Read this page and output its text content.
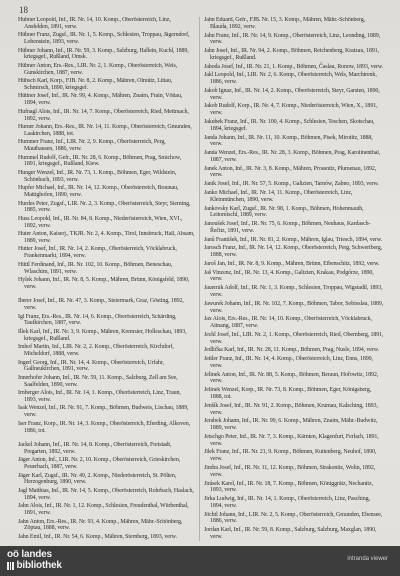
18
Hubner Leopold, Inf., IR. Nr. 14, 10. Komp., Oberösterreich, Linz, Ansfelden, 1891, verw.
Hübner Franz, Zugsf., IR. Nr. 1, 5. Komp., Schlesien, Troppau, Jägerndorf, Lobenstein, 1893, verw.
Hübner Johann, Inf., IR. Nr. 59, 3. Komp., Salzburg, Hallein, Kuchl, 1889, kriegsgef., Rußland, Omsk.
Hübner Anton, Ers.-Res., LIR. Nr. 2, 1. Komp., Oberösterreich, Wels, Gunskirchen, 1887, verw.
Hübsch Karl, Korp., FJB. Nr. 8, 2. Komp., Mähren, Olmütz, Littau, Schmirsch, 1890, kriegsgef.
Hüttner Josef, Inf., IR. Nr. 99, 4. Komp., Mähren, Znaim, Frain, Vöttau, 1894, verw.
Hufnagl Alois, Inf., IR. Nr. 14, 7. Komp., Oberösterreich, Ried, Mettmach, 1892, verw.
Humer Johann, Ers.-Res., IR. Nr. 14, 11. Komp., Oberösterreich, Gmunden, Laakirchen, 1888, tot.
Hummer Franz, Inf., LIR. Nr. 2, 9. Komp., Oberösterreich, Perg, Mauthausen, 1886, verw.
Hummel Rudolf, Gefr., IR. Nr. 28, 6. Komp., Böhmen, Prag, Smichow, 1891, kriegsgef., Rußland, Kiew.
Hunger Wenzel, Inf., IR. Nr. 73, 1. Komp., Böhmen, Eger, Wildstein, Schönbach, 1893, verw.
Hupfer Michael, Inf., IR. Nr. 14, 12. Komp., Oberösterreich, Braunau, Mattighofen, 1890, verw.
Hurdes Peter, Zugsf., LIR. Nr. 2, 3. Komp., Oberösterreich, Steyr, Sierning, 1885, verw.
Huss Leopold, Inf., IR. Nr. 84, 8. Komp., Niederösterreich, Wien, XVI., 1892, verw.
Huter Anton, Kaiserj., TKJR. Nr. 2, 4. Komp., Tirol, Innsbruck, Hall, Absam, 1889, verw.
Hutter Josef, Inf., IR. Nr. 14, 2. Komp., Oberösterreich, Vöcklabruck, Frankenmarkt, 1894, verw.
Hüttl Ferdinand, Inf., IR. Nr. 102, 10. Komp., Böhmen, Beneschau, Wlaschim, 1891, verw.
Hylek Johann, Inf., IR. Nr. 8, 5. Komp., Mähren, Brünn, Königsfeld, 1890, verw.
Iberer Josef, Inf., IR. Nr. 47, 3. Komp., Steiermark, Graz, Gösting, 1892, verw.
Igl Franz, Ers.-Res., IR. Nr. 14, 6. Komp., Oberösterreich, Schärding, Taufkirchen, 1887, verw.
Illek Karl, Inf., IR. Nr. 3, 9. Komp., Mähren, Kremsier, Holleschau, 1893, kriegsgef., Rußland.
Imhof Martin, Inf., LIR. Nr. 2, 2. Komp., Oberösterreich, Kirchdorf, Micheldorf, 1888, verw.
Ingerl Georg, Inf., IR. Nr. 14, 4. Komp., Oberösterreich, Urfahr, Gallneukirchen, 1891, verw.
Innerhofer Johann, Inf., IR. Nr. 59, 11. Komp., Salzburg, Zell am See, Saalfelden, 1890, verw.
Irnberger Alois, Inf., IR. Nr. 14, 1. Komp., Oberösterreich, Linz, Traun, 1893, verw.
Isak Wenzel, Inf., IR. Nr. 91, 7. Komp., Böhmen, Budweis, Lischau, 1889, verw.
Iser Franz, Korp., IR. Nr. 14, 3. Komp., Oberösterreich, Eferding, Alkoven, 1886, tot.
Jackel Johann, Inf., IR. Nr. 14, 8. Komp., Oberösterreich, Freistadt, Pregarten, 1892, verw.
Jäger Anton, Inf., LIR. Nr. 2, 10. Komp., Oberösterreich, Grieskirchen, Peuerbach, 1887, verw.
Jäger Karl, Zugsf., IR. Nr. 49, 2. Komp., Niederösterreich, St. Pölten, Herzogenburg, 1890, verw.
Jagl Matthias, Inf., IR. Nr. 14, 5. Komp., Oberösterreich, Rohrbach, Haslach, 1894, verw.
Jahn Alois, Inf., IR. Nr. 1, 12. Komp., Schlesien, Freudenthal, Würbenthal, 1891, verw.
Jahn Anton, Ers.-Res., IR. Nr. 93, 4. Komp., Mähren, Mähr.-Schönberg, Zöptau, 1888, verw.
Jahn Emil, Inf., IR. Nr. 54, 6. Komp., Mähren, Sternberg, 1893, verw.
Jahn Eduard, Gefr., FJB. Nr. 15, 3. Komp., Mähren, Mähr.-Schönberg, Blauda, 1892, verw.
Jahn Franz, Inf., IR. Nr. 14, 9. Komp., Oberösterreich, Linz, Leonding, 1889, verw.
Jahn Josef, Inf., IR. Nr. 94, 2. Komp., Böhmen, Reichenberg, Kratzau, 1891, kriegsgef., Rußland.
Jahoda Josef, Inf., IR. Nr. 21, 1. Komp., Böhmen, Časlau, Ronow, 1893, verw.
Jakl Leopold, Inf., LIR. Nr. 2, 6. Komp., Oberösterreich, Wels, Marchtrenk, 1886, verw.
Jakob Ignaz, Inf., IR. Nr. 14, 2. Komp., Oberösterreich, Steyr, Garsten, 1890, verw.
Jakob Rudolf, Korp., IR. Nr. 4, 7. Komp., Niederösterreich, Wien, X., 1891, verw.
Jakubek Franz, Inf., IR. Nr. 100, 4. Komp., Schlesien, Teschen, Skotschau, 1894, kriegsgef.
Janda Johann, Inf., IR. Nr. 11, 10. Komp., Böhmen, Pisek, Mirotitz, 1888, verw.
Janda Wenzel, Ers.-Res., IR. Nr. 28, 3. Komp., Böhmen, Prag, Karolinenthal, 1887, verw.
Janek Anton, Inf., IR. Nr. 3, 8. Komp., Mähren, Prossnitz, Plumenau, 1892, verw.
Janik Josef, Inf., IR. Nr. 57, 5. Komp., Galizien, Tarnów, Zabno, 1893, verw.
Janko Michael, Inf., IR. Nr. 14, 11. Komp., Oberösterreich, Linz, Kleinmünchen, 1890, verw.
Jankovsky Karl, Zugsf., IR. Nr. 98, 1. Komp., Böhmen, Hohenmauth, Leitomischl, 1889, verw.
Janoušek Josef, Inf., IR. Nr. 75, 6. Komp., Böhmen, Neuhaus, Kardasch-Řečitz, 1891, verw.
Janů František, Inf., IR. Nr. 81, 2. Komp., Mähren, Iglau, Triesch, 1894, verw.
Jarosch Franz, Inf., IR. Nr. 14, 12. Komp., Oberösterreich, Perg, Schwertberg, 1888, verw.
Jaroš Jan, Inf., IR. Nr. 8, 9. Komp., Mähren, Brünn, Eibenschitz, 1892, verw.
Jaš Vinzenz, Inf., IR. Nr. 13, 4. Komp., Galizien, Krakau, Podgórze, 1890, verw.
Jauernik Adolf, Inf., IR. Nr. 1, 3. Komp., Schlesien, Troppau, Wigstadtl, 1893, verw.
Jawurek Johann, Inf., IR. Nr. 102, 7. Komp., Böhmen, Tabor, Sobieslau, 1889, verw.
Jax Alois, Ers.-Res., IR. Nr. 14, 10. Komp., Oberösterreich, Vöcklabruck, Attnang, 1887, verw.
Jechl Josef, Inf., LIR. Nr. 2, 1. Komp., Oberösterreich, Ried, Obernberg, 1891, verw.
Jedlička Karl, Inf., IR. Nr. 28, 11. Komp., Böhmen, Prag, Nusle, 1894, verw.
Jeitler Franz, Inf., IR. Nr. 14, 4. Komp., Oberösterreich, Linz, Enns, 1890, verw.
Jelinek Anton, Inf., IR. Nr. 88, 5. Komp., Böhmen, Beraun, Hořowitz, 1892, verw.
Jelinek Wenzel, Korp., IR. Nr. 73, 8. Komp., Böhmen, Eger, Königsberg, 1888, tot.
Jenšík Josef, Inf., IR. Nr. 91, 2. Komp., Böhmen, Krumau, Kalsching, 1893, verw.
Jerabek Johann, Inf., IR. Nr. 99, 6. Komp., Mähren, Znaim, Mähr.-Budwitz, 1889, verw.
Jetschgo Peter, Inf., IR. Nr. 7, 3. Komp., Kärnten, Klagenfurt, Ferlach, 1891, verw.
Jilek Franz, Inf., IR. Nr. 21, 9. Komp., Böhmen, Kuttenberg, Neuhof, 1890, verw.
Jindra Josef, Inf., IR. Nr. 11, 12. Komp., Böhmen, Strakonitz, Wolin, 1892, verw.
Jirásek Karel, Inf., IR. Nr. 18, 7. Komp., Böhmen, Königgrätz, Nechanitz, 1893, verw.
Jirka Ludwig, Inf., IR. Nr. 14, 1. Komp., Oberösterreich, Linz, Pasching, 1894, verw.
Jöchtl Johann, Inf., LIR. Nr. 2, 5. Komp., Oberösterreich, Gmunden, Ebensee, 1886, verw.
Jordan Karl, Inf., IR. Nr. 59, 8. Komp., Salzburg, Salzburg, Maxglan, 1890, verw.
oö landes
bibliothek
intranda viewer
